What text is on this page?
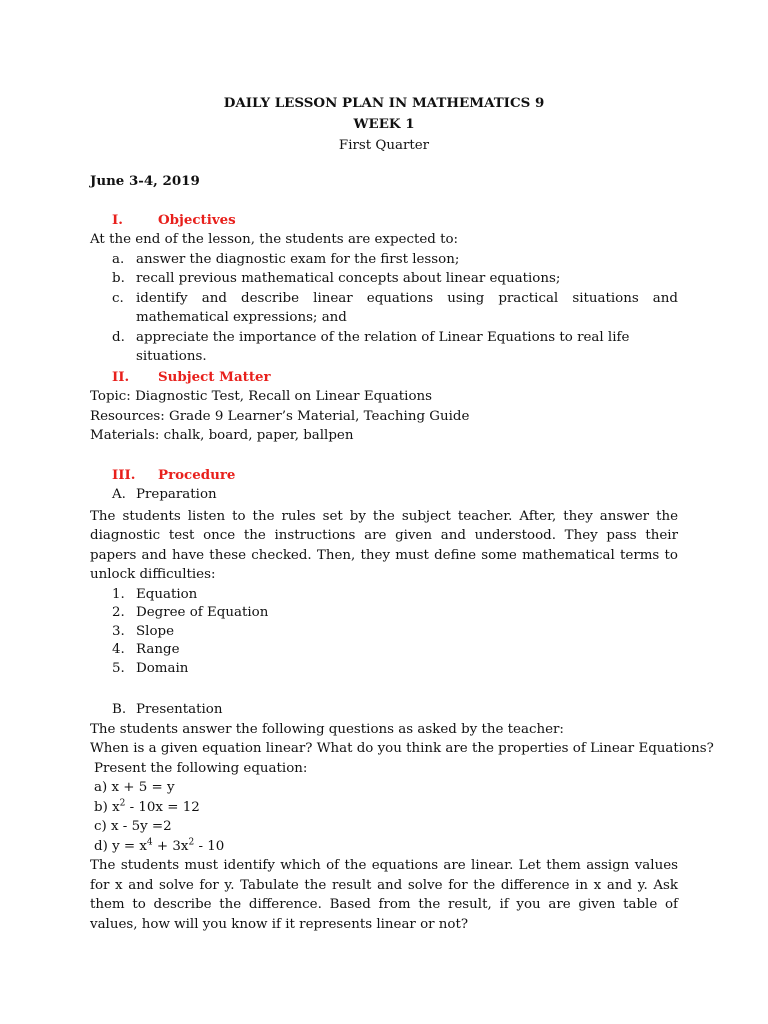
DAILY LESSON PLAN IN MATHEMATICS 9
WEEK 1
First Quarter
June 3-4, 2019
I.	Objectives
At the end of the lesson, the students are expected to:
a. answer the diagnostic exam for the first lesson;
b. recall previous mathematical concepts about linear equations;
c. identify and describe linear equations using practical situations and mathematical expressions; and
d. appreciate the importance of the relation of Linear Equations to real life situations.
II. Subject Matter
Topic: Diagnostic Test, Recall on Linear Equations
Resources: Grade 9 Learner’s Material, Teaching Guide
Materials: chalk, board, paper, ballpen
III. Procedure
A. Preparation
The students listen to the rules set by the subject teacher. After, they answer the diagnostic test once the instructions are given and understood. They pass their papers and have these checked. Then, they must define some mathematical terms to unlock difficulties:
1. Equation
2. Degree of Equation
3. Slope
4. Range
5. Domain
B. Presentation
The students answer the following questions as asked by the teacher:
When is a given equation linear? What do you think are the properties of Linear Equations?
Present the following equation:
a) x + 5 = y
b) $x^2 - 10x = 12$
c) x - 5y =2
d) $y = x^4 + 3x^2 - 10$
The students must identify which of the equations are linear. Let them assign values for x and solve for y. Tabulate the result and solve for the difference in x and y. Ask them to describe the difference. Based from the result, if you are given table of values, how will you know if it represents linear or not?
